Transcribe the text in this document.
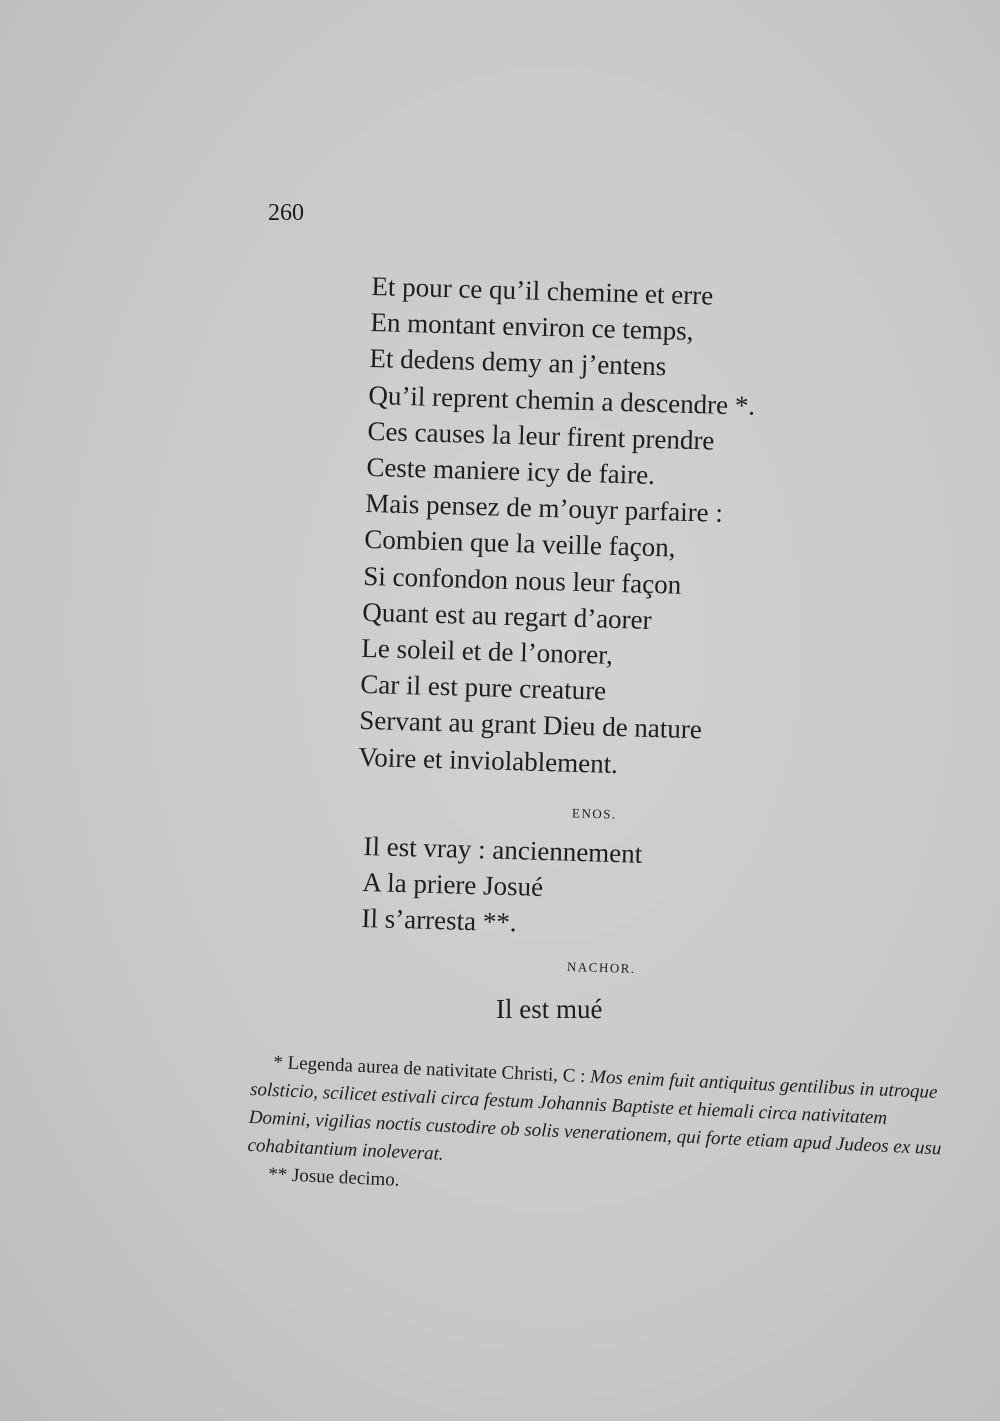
260
Et pour ce qu’il chemine et erre
En montant environ ce temps,
Et dedens demy an j’entens
Qu’il reprent chemin a descendre *.
Ces causes la leur firent prendre
Ceste maniere icy de faire.
Mais pensez de m’ouyr parfaire :
Combien que la veille façon,
Si confondon nous leur façon
Quant est au regart d’aorer
Le soleil et de l’onorer,
Car il est pure creature
Servant au grant Dieu de nature
Voire et inviolablement.
ENOS.
Il est vray : anciennement
A la priere Josué
Il s’arresta **.
NACHOR.
Il est mué
* Legenda aurea de nativitate Christi, C : Mos enim fuit antiquitus gentilibus in utroque solsticio, scilicet estivali circa festum Johannis Baptiste et hiemali circa nativitatem Domini, vigilias noctis custodire ob solis venerationem, qui forte etiam apud Judeos ex usu cohabitantium inoleverat.
** Josue decimo.
